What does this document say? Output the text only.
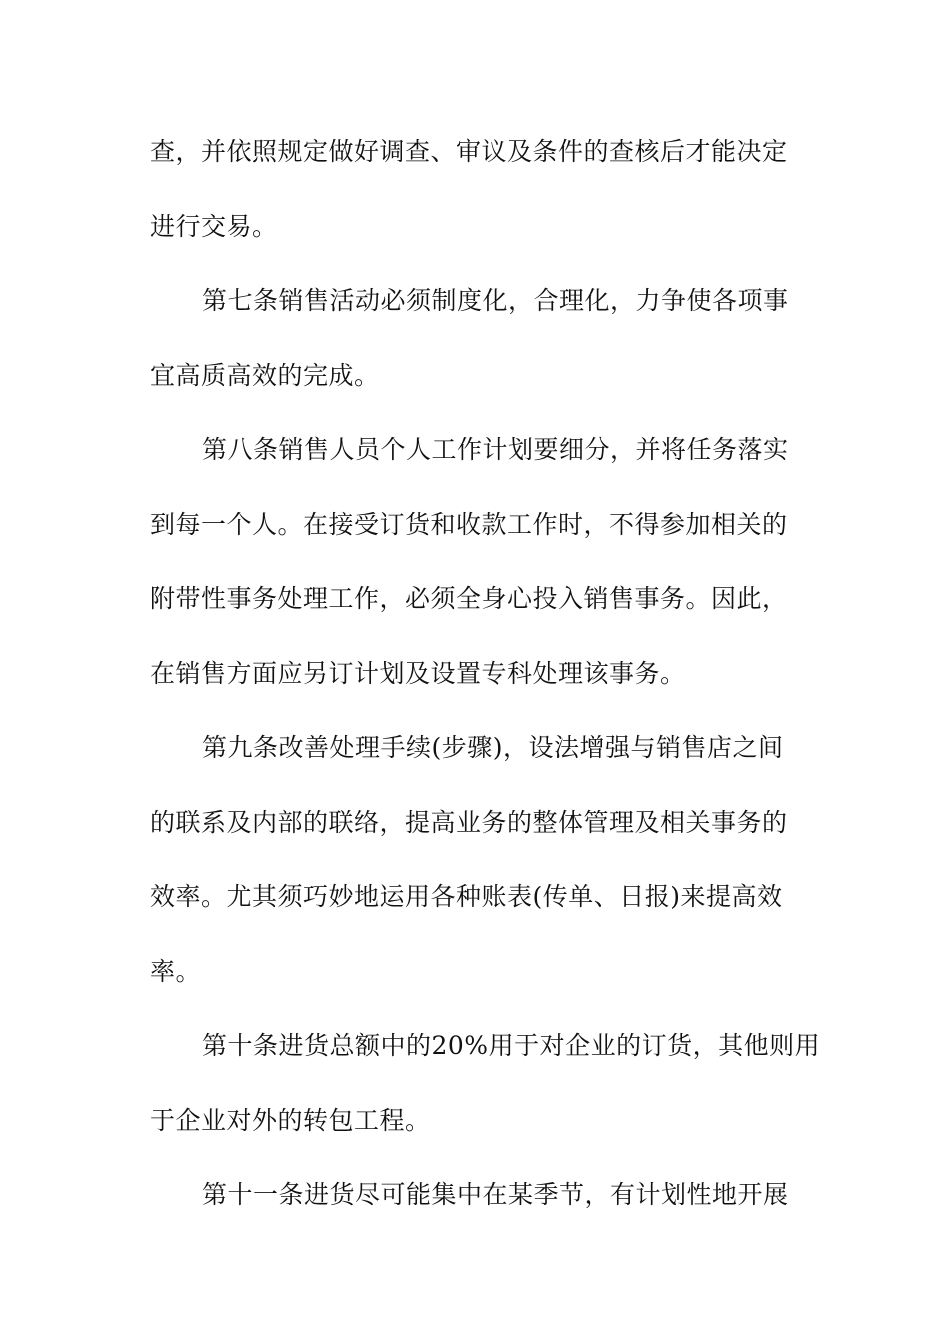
查，并依照规定做好调查、审议及条件的查核后才能决定
进行交易。
第七条销售活动必须制度化，合理化，力争使各项事
宜高质高效的完成。
第八条销售人员个人工作计划要细分，并将任务落实
到每一个人。在接受订货和收款工作时，不得参加相关的
附带性事务处理工作，必须全身心投入销售事务。因此，
在销售方面应另订计划及设置专科处理该事务。
第九条改善处理手续(步骤)，设法增强与销售店之间
的联系及内部的联络，提高业务的整体管理及相关事务的
效率。尤其须巧妙地运用各种账表(传单、日报)来提高效
率。
第十条进货总额中的20%用于对企业的订货，其他则用
于企业对外的转包工程。
第十一条进货尽可能集中在某季节，有计划性地开展
